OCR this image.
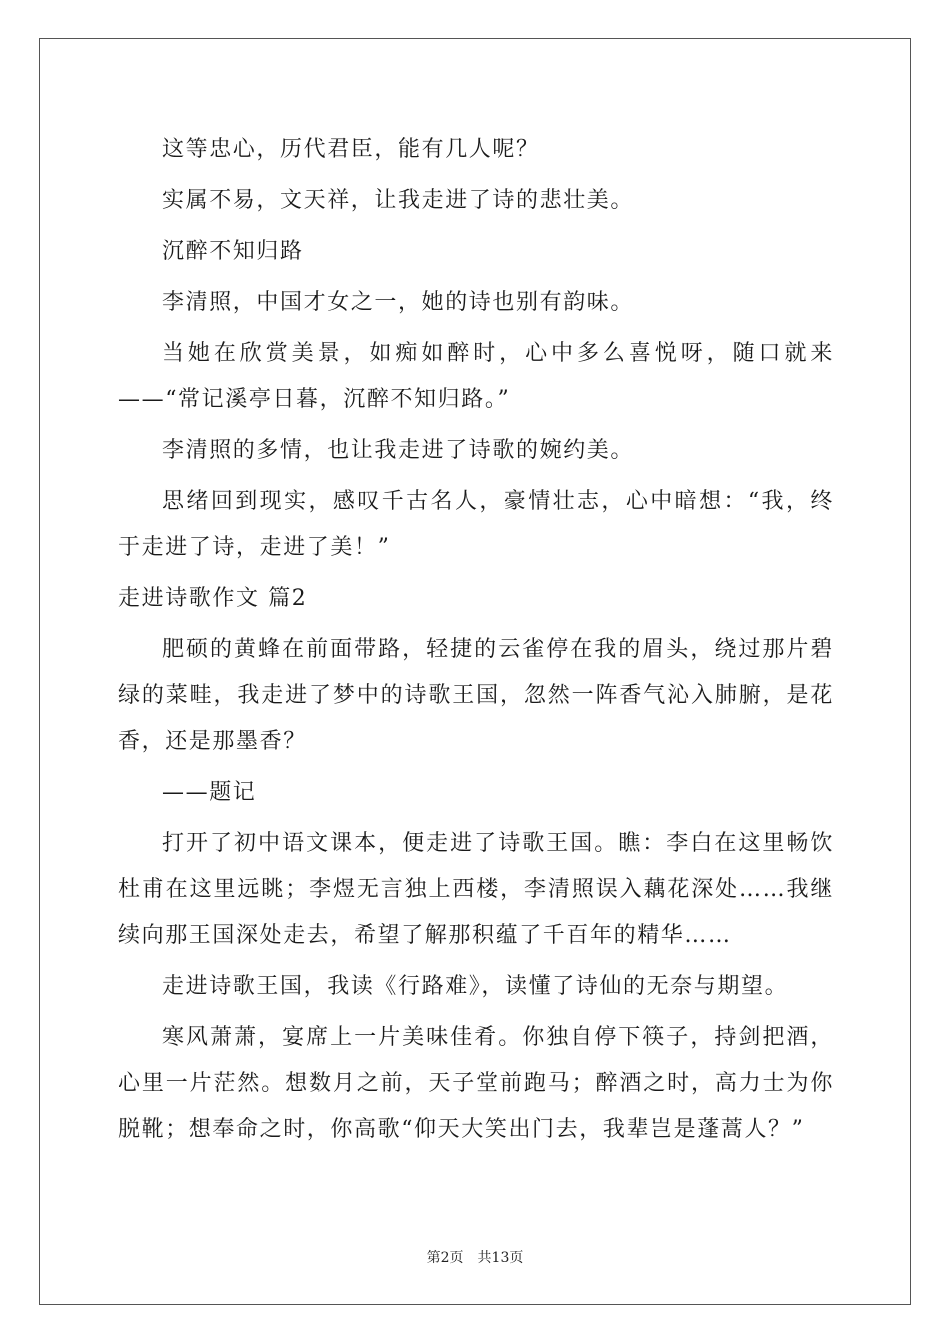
这等忠心，历代君臣，能有几人呢？

实属不易，文天祥，让我走进了诗的悲壮美。

沉醉不知归路

李清照，中国才女之一，她的诗也别有韵味。

当她在欣赏美景，如痴如醉时，心中多么喜悦呀，随口就来——“常记溪亭日暮，沉醉不知归路。”

李清照的多情，也让我走进了诗歌的婉约美。

思绪回到现实，感叹千古名人，豪情壮志，心中暗想：“我，终于走进了诗，走进了美！”

走进诗歌作文 篇2

肥硕的黄蜂在前面带路，轻捷的云雀停在我的眉头，绕过那片碧绿的菜畦，我走进了梦中的诗歌王国，忽然一阵香气沁入肺腑，是花香，还是那墨香？

——题记

打开了初中语文课本，便走进了诗歌王国。瞧：李白在这里畅饮杜甫在这里远眺；李煜无言独上西楼，李清照误入藕花深处……我继续向那王国深处走去，希望了解那积蕴了千百年的精华……

走进诗歌王国，我读《行路难》，读懂了诗仙的无奈与期望。

寒风萧萧，宴席上一片美味佳肴。你独自停下筷子，持剑把酒，心里一片茫然。想数月之前，天子堂前跑马；醉酒之时，高力士为你脱靴；想奉命之时，你高歌“仰天大笑出门去，我辈岂是蓬蒿人？”

第2页　共13页
